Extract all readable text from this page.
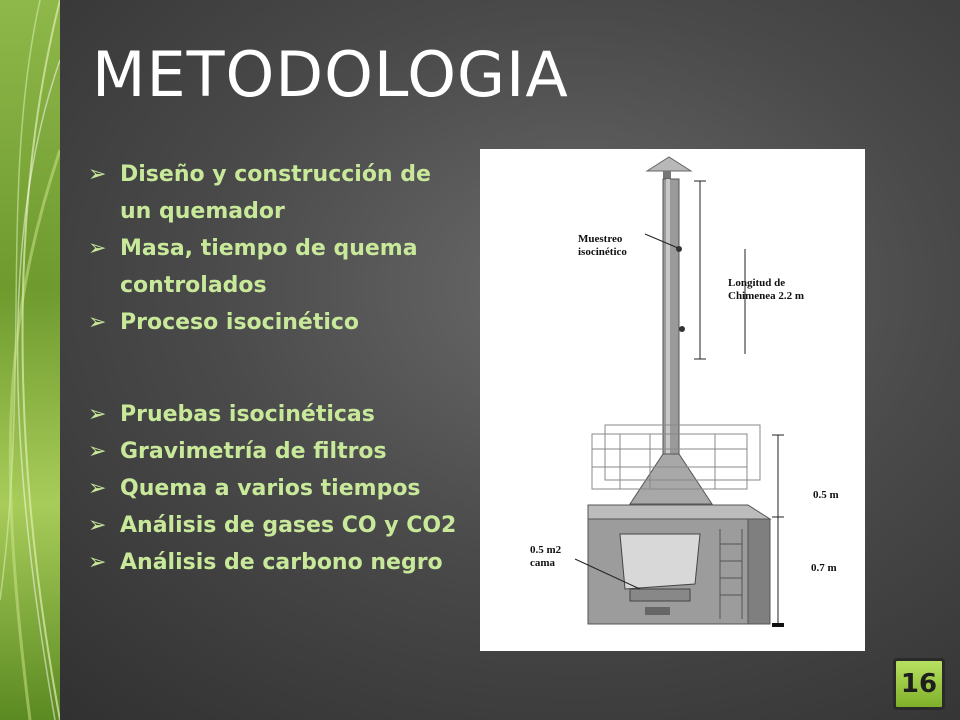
METODOLOGIA
➢ Diseño y construcción de un quemador
➢ Masa, tiempo de quema controlados
➢ Proceso isocinético
➢ Pruebas isocinéticas
➢ Gravimetría de filtros
➢ Quema a varios tiempos
➢ Análisis de gases CO y CO2
➢ Análisis de carbono negro
Muestreo
isocinético
Longitud de
Chimenea 2.2 m
0.5 m
0.5 m2
cama	0.7 m
16
